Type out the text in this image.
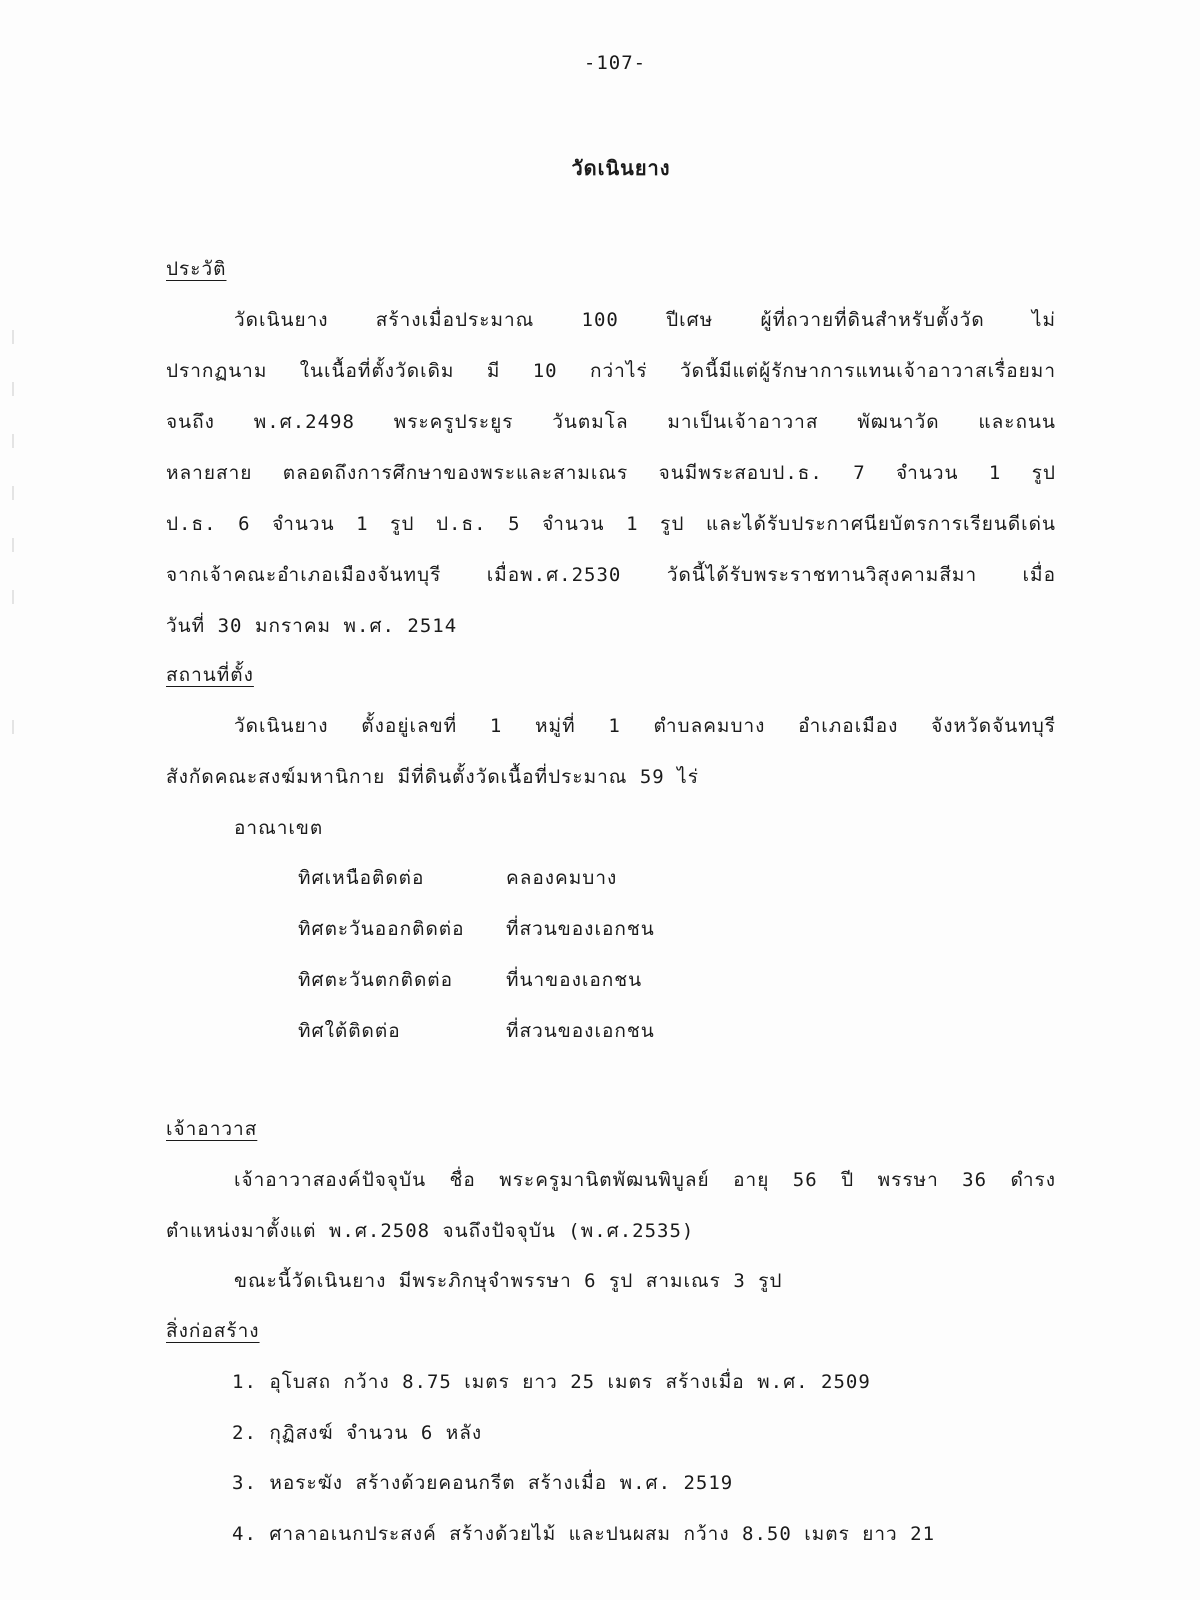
-107-
วัดเนินยาง
ประวัติ
วัดเนินยาง สร้างเมื่อประมาณ 100 ปีเศษ ผู้ที่ถวายที่ดินสำหรับตั้งวัด ไม่
ปรากฏนาม ในเนื้อที่ตั้งวัดเดิม มี 10 กว่าไร่ วัดนี้มีแต่ผู้รักษาการแทนเจ้าอาวาสเรื่อยมา
จนถึง พ.ศ.2498 พระครูประยูร วันตมโล มาเป็นเจ้าอาวาส พัฒนาวัด และถนน
หลายสาย ตลอดถึงการศึกษาของพระและสามเณร จนมีพระสอบป.ธ. 7 จำนวน 1 รูป
ป.ธ. 6 จำนวน 1 รูป ป.ธ. 5 จำนวน 1 รูป และได้รับประกาศนียบัตรการเรียนดีเด่น
จากเจ้าคณะอำเภอเมืองจันทบุรี เมื่อพ.ศ.2530 วัดนี้ได้รับพระราชทานวิสุงคามสีมา เมื่อ
วันที่ 30 มกราคม พ.ศ. 2514
สถานที่ตั้ง
วัดเนินยาง ตั้งอยู่เลขที่ 1 หมู่ที่ 1 ตำบลคมบาง อำเภอเมือง จังหวัดจันทบุรี
สังกัดคณะสงฆ์มหานิกาย มีที่ดินตั้งวัดเนื้อที่ประมาณ 59 ไร่
อาณาเขต
ทิศเหนือติดต่อ	คลองคมบาง
ทิศตะวันออกติดต่อ ที่สวนของเอกชน
ทิศตะวันตกติดต่อ	ที่นาของเอกชน
ทิศใต้ติดต่อ	ที่สวนของเอกชน
เจ้าอาวาส
เจ้าอาวาสองค์ปัจจุบัน ชื่อ พระครูมานิตพัฒนพิบูลย์ อายุ 56 ปี พรรษา 36 ดำรง
ตำแหน่งมาตั้งแต่ พ.ศ.2508 จนถึงปัจจุบัน (พ.ศ.2535)
ขณะนี้วัดเนินยาง มีพระภิกษุจำพรรษา 6 รูป สามเณร 3 รูป
สิ่งก่อสร้าง
1. อุโบสถ กว้าง 8.75 เมตร ยาว 25 เมตร สร้างเมื่อ พ.ศ. 2509
2. กุฏิสงฆ์ จำนวน 6 หลัง
3. หอระฆัง สร้างด้วยคอนกรีต สร้างเมื่อ พ.ศ. 2519
4. ศาลาอเนกประสงค์ สร้างด้วยไม้ และปนผสม กว้าง 8.50 เมตร ยาว 21
